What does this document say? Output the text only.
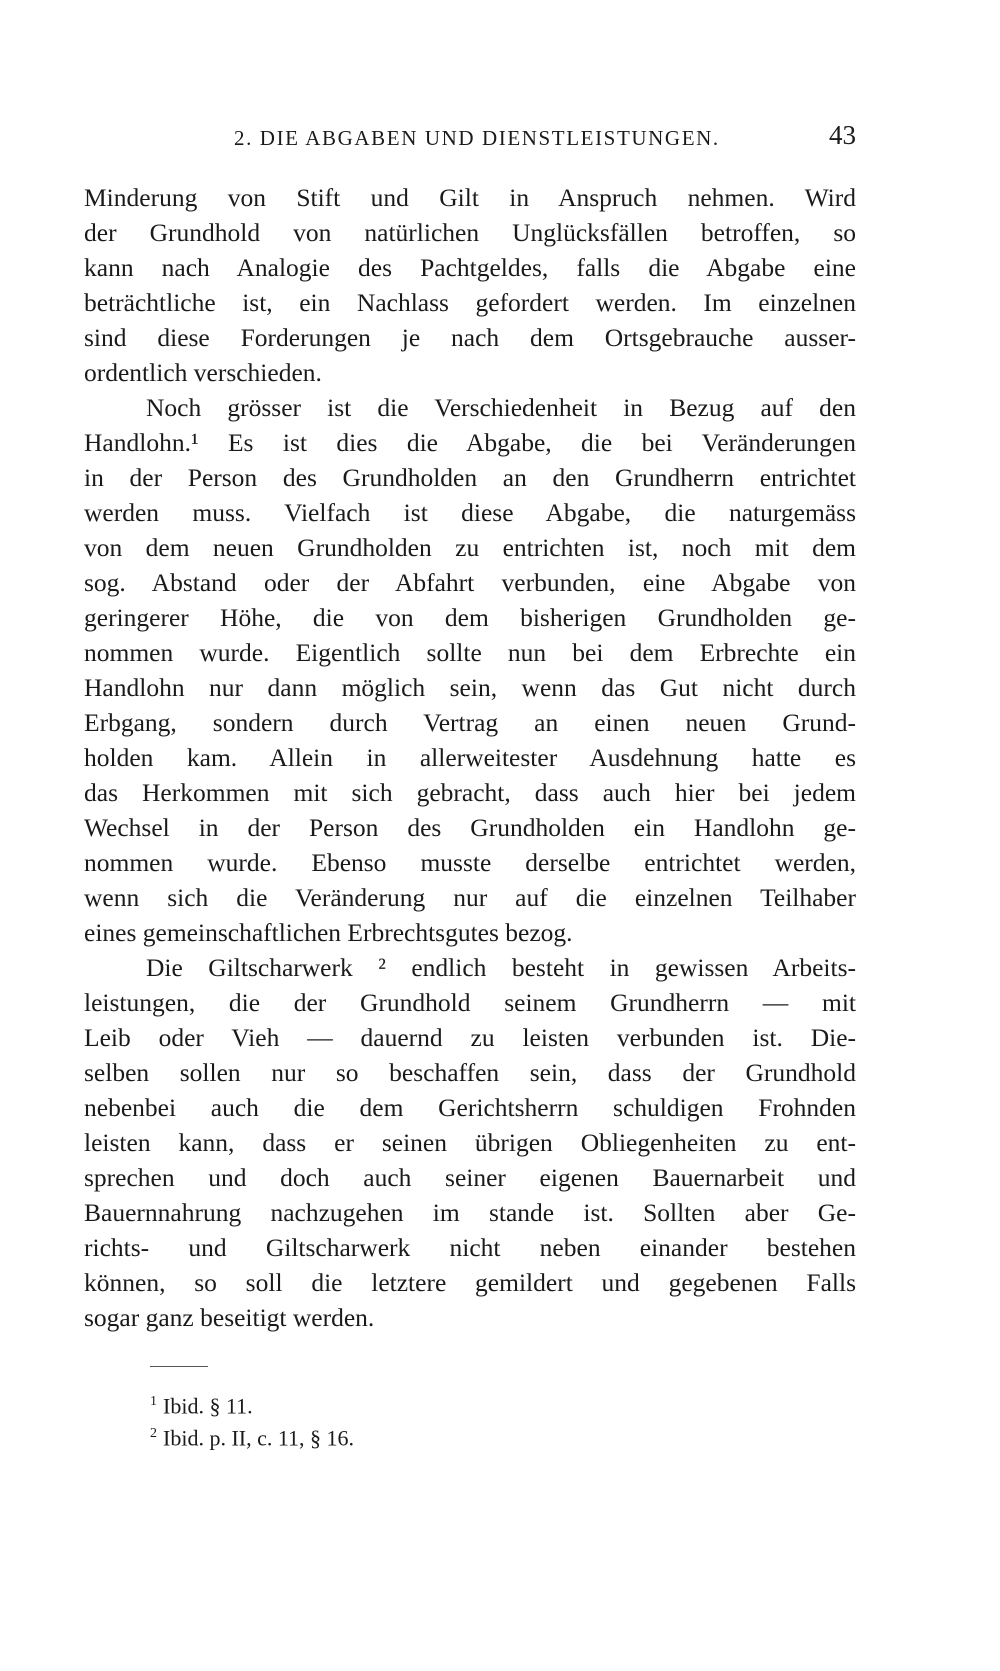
2. DIE ABGABEN UND DIENSTLEISTUNGEN.	43
Minderung von Stift und Gilt in Anspruch nehmen. Wird
der Grundhold von natürlichen Unglücksfällen betroffen, so
kann nach Analogie des Pachtgeldes, falls die Abgabe eine
beträchtliche ist, ein Nachlass gefordert werden. Im einzelnen
sind diese Forderungen je nach dem Ortsgebrauche ausser-
ordentlich verschieden.
Noch grösser ist die Verschiedenheit in Bezug auf den
Handlohn.¹ Es ist dies die Abgabe, die bei Veränderungen
in der Person des Grundholden an den Grundherrn entrichtet
werden muss. Vielfach ist diese Abgabe, die naturgemäss
von dem neuen Grundholden zu entrichten ist, noch mit dem
sog. Abstand oder der Abfahrt verbunden, eine Abgabe von
geringerer Höhe, die von dem bisherigen Grundholden ge-
nommen wurde. Eigentlich sollte nun bei dem Erbrechte ein
Handlohn nur dann möglich sein, wenn das Gut nicht durch
Erbgang, sondern durch Vertrag an einen neuen Grund-
holden kam. Allein in allerweitester Ausdehnung hatte es
das Herkommen mit sich gebracht, dass auch hier bei jedem
Wechsel in der Person des Grundholden ein Handlohn ge-
nommen wurde. Ebenso musste derselbe entrichtet werden,
wenn sich die Veränderung nur auf die einzelnen Teilhaber
eines gemeinschaftlichen Erbrechtsgutes bezog.
Die Giltscharwerk ² endlich besteht in gewissen Arbeits-
leistungen, die der Grundhold seinem Grundherrn — mit
Leib oder Vieh — dauernd zu leisten verbunden ist. Die-
selben sollen nur so beschaffen sein, dass der Grundhold
nebenbei auch die dem Gerichtsherrn schuldigen Frohnden
leisten kann, dass er seinen übrigen Obliegenheiten zu ent-
sprechen und doch auch seiner eigenen Bauernarbeit und
Bauernnahrung nachzugehen im stande ist. Sollten aber Ge-
richts- und Giltscharwerk nicht neben einander bestehen
können, so soll die letztere gemildert und gegebenen Falls
sogar ganz beseitigt werden.
$^1$ Ibid. § 11.
$^2$ Ibid. p. II, c. 11, § 16.
